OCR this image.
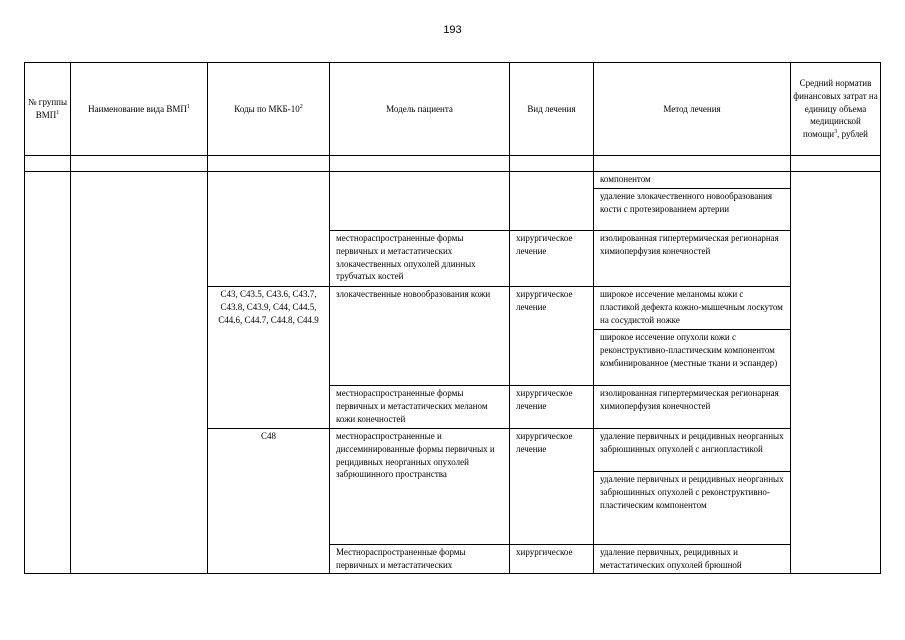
193
№ группы ВМП$^1$	Наименование вида ВМП$^1$	Коды по МКБ-$10^2$	Модель пациента	Вид лечения	Метод лечения	Средний норматив финансовых затрат на единицу объема медицинской помощи$^3$, рублей

					компонентом	
					удаление злокачественного новообразования кости с протезированием артерии	
			местнораспространенные формы первичных и метастатических злокачественных опухолей длинных трубчатых костей	хирургическое лечение	изолированная гипертермическая регионарная химиоперфузия конечностей	
		C43, C43.5, C43.6, C43.7, C43.8, C43.9, C44, C44.5, C44.6, C44.7, C44.8, C44.9	злокачественные новообразования кожи	хирургическое лечение	широкое иссечение меланомы кожи с пластикой дефекта кожно-мышечным лоскутом на сосудистой ножке	
					широкое иссечение опухоли кожи с реконструктивно-пластическим компонентом комбинированное (местные ткани и эспандер)	
			местнораспространенные формы первичных и метастатических меланом кожи конечностей	хирургическое лечение	изолированная гипертермическая регионарная химиоперфузия конечностей	
		C48	местнораспространенные и диссеминированные формы первичных и рецидивных неорганных опухолей забрюшинного пространства	хирургическое лечение	удаление первичных и рецидивных неорганных забрюшинных опухолей с ангиопластикой	
					удаление первичных и рецидивных неорганных забрюшинных опухолей с реконструктивно-пластическим компонентом	
			Местнораспространенные формы первичных и метастатических	хирургическое	удаление первичных, рецидивных и метастатических опухолей брюшной	
